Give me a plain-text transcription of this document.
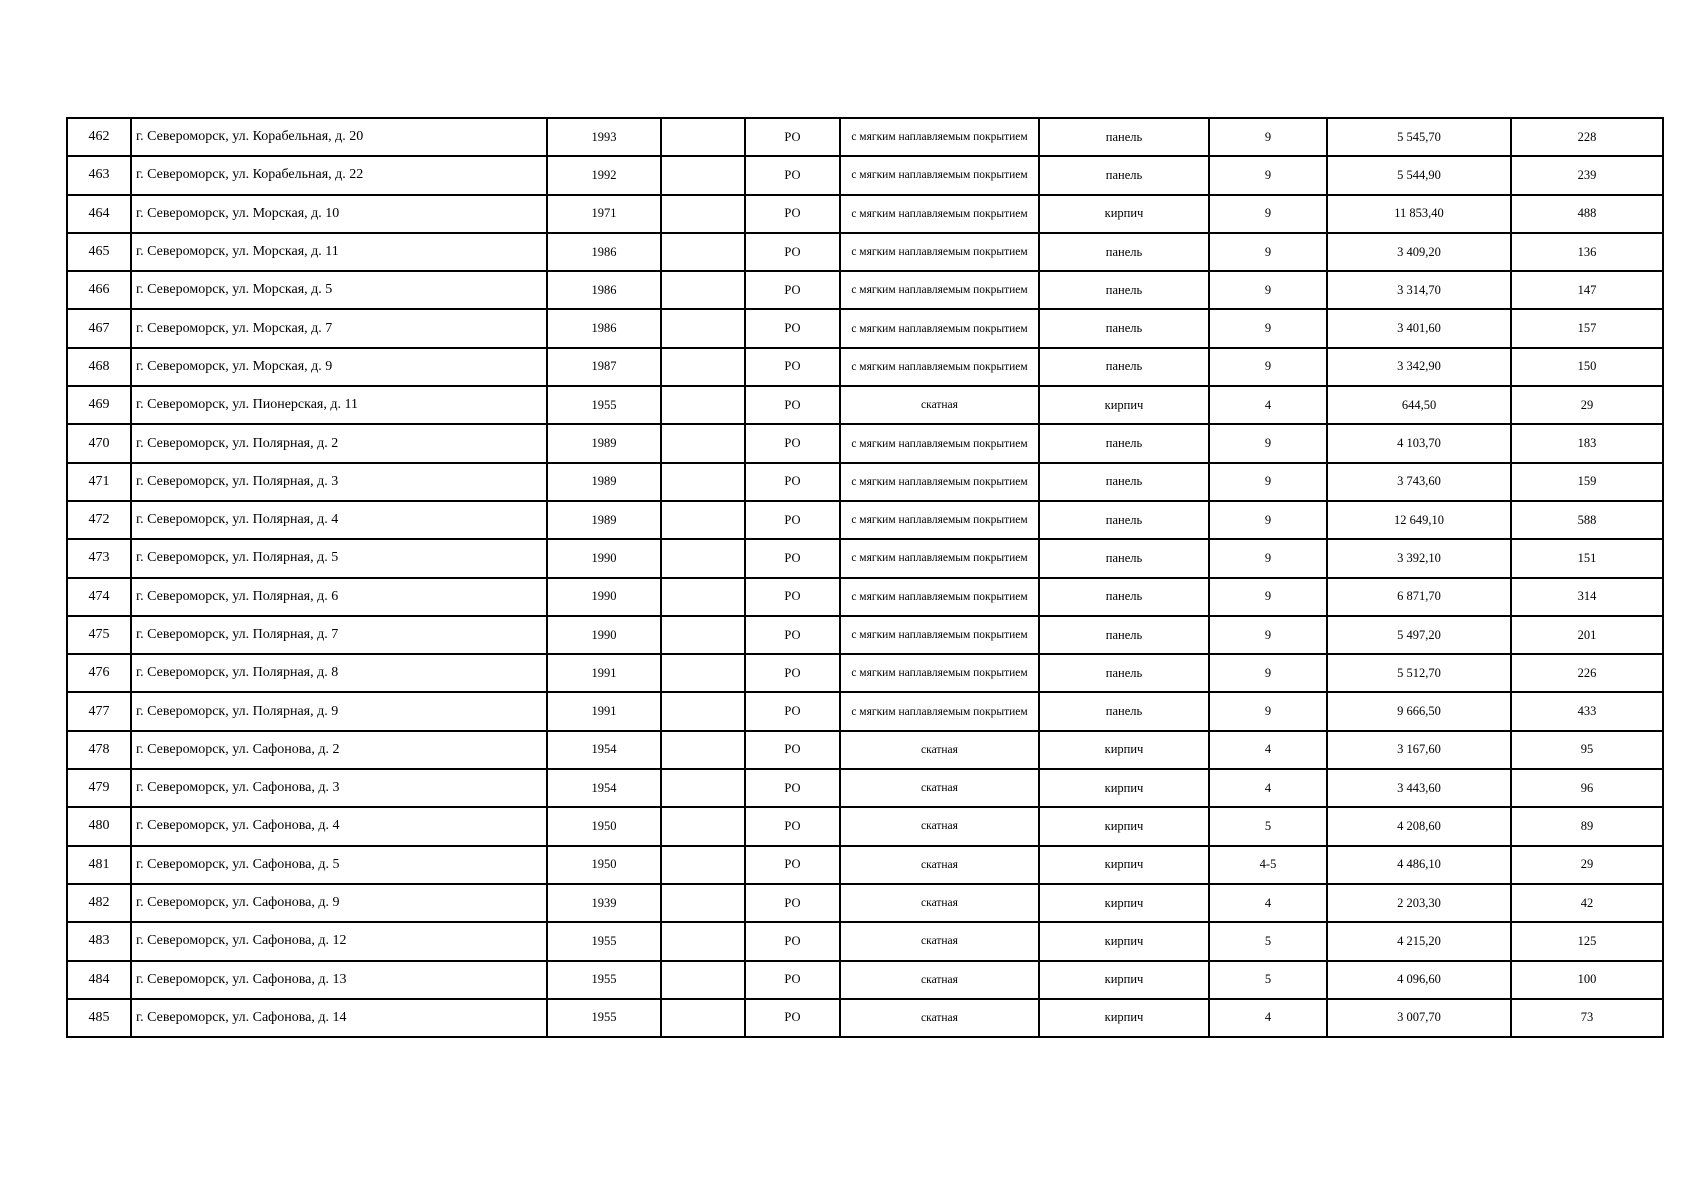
462	г. Североморск, ул. Корабельная, д. 20	1993		РО	с мягким наплавляемым покрытием	панель	9	5 545,70	228
463	г. Североморск, ул. Корабельная, д. 22	1992		РО	с мягким наплавляемым покрытием	панель	9	5 544,90	239
464	г. Североморск, ул. Морская, д. 10	1971		РО	с мягким наплавляемым покрытием	кирпич	9	11 853,40	488
465	г. Североморск, ул. Морская, д. 11	1986		РО	с мягким наплавляемым покрытием	панель	9	3 409,20	136
466	г. Североморск, ул. Морская, д. 5	1986		РО	с мягким наплавляемым покрытием	панель	9	3 314,70	147
467	г. Североморск, ул. Морская, д. 7	1986		РО	с мягким наплавляемым покрытием	панель	9	3 401,60	157
468	г. Североморск, ул. Морская, д. 9	1987		РО	с мягким наплавляемым покрытием	панель	9	3 342,90	150
469	г. Североморск, ул. Пионерская, д. 11	1955		РО	скатная	кирпич	4	644,50	29
470	г. Североморск, ул. Полярная, д. 2	1989		РО	с мягким наплавляемым покрытием	панель	9	4 103,70	183
471	г. Североморск, ул. Полярная, д. 3	1989		РО	с мягким наплавляемым покрытием	панель	9	3 743,60	159
472	г. Североморск, ул. Полярная, д. 4	1989		РО	с мягким наплавляемым покрытием	панель	9	12 649,10	588
473	г. Североморск, ул. Полярная, д. 5	1990		РО	с мягким наплавляемым покрытием	панель	9	3 392,10	151
474	г. Североморск, ул. Полярная, д. 6	1990		РО	с мягким наплавляемым покрытием	панель	9	6 871,70	314
475	г. Североморск, ул. Полярная, д. 7	1990		РО	с мягким наплавляемым покрытием	панель	9	5 497,20	201
476	г. Североморск, ул. Полярная, д. 8	1991		РО	с мягким наплавляемым покрытием	панель	9	5 512,70	226
477	г. Североморск, ул. Полярная, д. 9	1991		РО	с мягким наплавляемым покрытием	панель	9	9 666,50	433
478	г. Североморск, ул. Сафонова, д. 2	1954		РО	скатная	кирпич	4	3 167,60	95
479	г. Североморск, ул. Сафонова, д. 3	1954		РО	скатная	кирпич	4	3 443,60	96
480	г. Североморск, ул. Сафонова, д. 4	1950		РО	скатная	кирпич	5	4 208,60	89
481	г. Североморск, ул. Сафонова, д. 5	1950		РО	скатная	кирпич	4-5	4 486,10	29
482	г. Североморск, ул. Сафонова, д. 9	1939		РО	скатная	кирпич	4	2 203,30	42
483	г. Североморск, ул. Сафонова, д. 12	1955		РО	скатная	кирпич	5	4 215,20	125
484	г. Североморск, ул. Сафонова, д. 13	1955		РО	скатная	кирпич	5	4 096,60	100
485	г. Североморск, ул. Сафонова, д. 14	1955		РО	скатная	кирпич	4	3 007,70	73
